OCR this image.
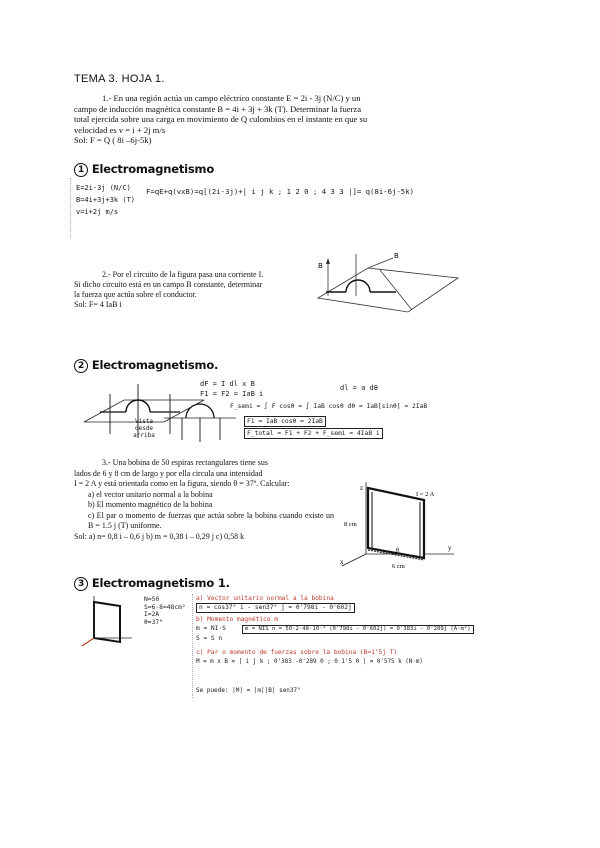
TEMA 3. HOJA 1.

1.- En una región actúa un campo eléctrico constante E = 2i - 3j (N/C) y un

campo de inducción magnética constante B = 4i + 3j + 3k (T). Determinar la fuerza

total ejercida sobre una carga en movimiento de Q culombios en el instante en que su

velocidad es v = i + 2j m/s

Sol: F = Q ( 8i –6j-5k)

1 Electromagnetismo
E=2i-3j (N/C)
B=4i+3j+3k (T)
v=i+2j m/s
F=qE+q(vxB)=q[(2i-3j)+| i j k ; 1 2 0 ; 4 3 3 |]= q(8i-6j-5k)

2.- Por el circuito de la figura pasa una corriente I.

Si dicho circuito está en un campo B constante, determinar

la fuerza que actúa sobre el conductor.

Sol: F= 4 IaB i

B
B
2 Electromagnetismo.
Vista desde arriba
dF = I dl x B
F1 = F2 = IaB i
dl = a dθ
F_semi = ∫ F cosθ = ∫ IaB cosθ dθ = IaB[sinθ] = 2IaB
F1 = IaB cosθ = 2IaB
F_total = F1 + F2 + F_semi = 4IaB i

3.- Una bobina de 50 espiras rectangulares tiene sus

lados de 6 y 8 cm de largo y por ella circula una intensidad

I = 2 A y está orientada como en la figura, siendo θ = 37º. Calcular:

a) el vector unitario normal a la bobina

b) El momento magnético de la bobina

c) El par o momento de fuerzas que actúa sobre la bobina cuando existe un B = 1.5 j (T) uniforme.

Sol: a) n= 0,8 i – 0,6 j b) m = 0,38 i – 0,29 j c) 0,58 k

z
y
x
8 cm
6 cm
I = 2 A
θ
3 Electromagnetismo 1.

N=50

S=6·8=48cm²

I=2A

θ=37°

a) Vector unitario normal a la bobina
n = cos37° i - sen37° j = 0'798i - 0'602j
b) Momento magnético m
m = NI·S	m = NIS n = 50·2·48·10⁻⁴ (0'798i - 0'602j) = 0'383i - 0'289j (A·m²)
S = S n
c) Par o momento de fuerzas sobre la bobina (B=1'5j T)
M = m x B = | i j k ; 0'383 -0'289 0 ; 0 1'5 0 | = 0'575 k (N·m)
Se puede: |M| = |m||B| sen37°
